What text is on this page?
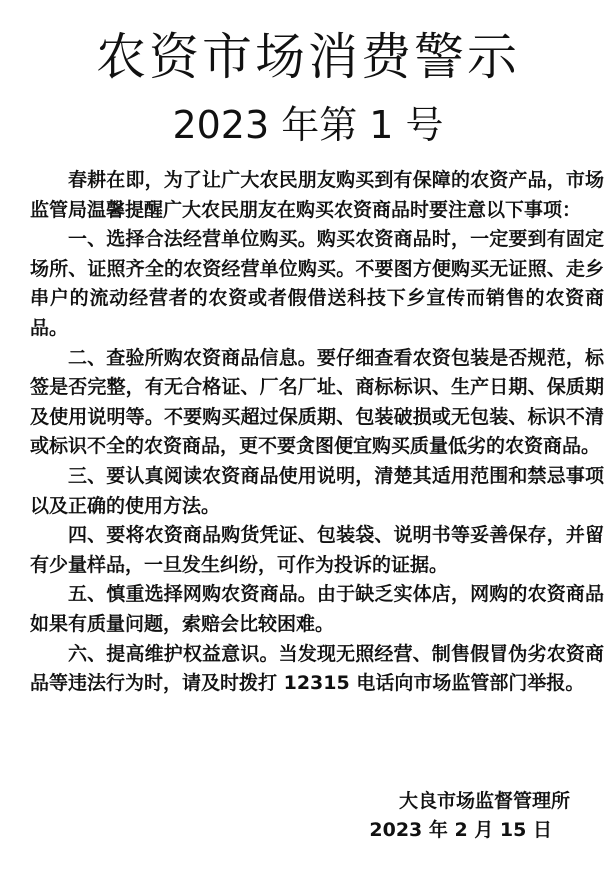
农资市场消费警示
2023 年第 1 号

春耕在即，为了让广大农民朋友购买到有保障的农资产品，市场监管局温馨提醒广大农民朋友在购买农资商品时要注意以下事项：

一、选择合法经营单位购买。购买农资商品时，一定要到有固定场所、证照齐全的农资经营单位购买。不要图方便购买无证照、走乡串户的流动经营者的农资或者假借送科技下乡宣传而销售的农资商品。

二、查验所购农资商品信息。要仔细查看农资包装是否规范，标签是否完整，有无合格证、厂名厂址、商标标识、生产日期、保质期及使用说明等。不要购买超过保质期、包装破损或无包装、标识不清或标识不全的农资商品，更不要贪图便宜购买质量低劣的农资商品。

三、要认真阅读农资商品使用说明，清楚其适用范围和禁忌事项以及正确的使用方法。

四、要将农资商品购货凭证、包装袋、说明书等妥善保存，并留有少量样品，一旦发生纠纷，可作为投诉的证据。

五、慎重选择网购农资商品。由于缺乏实体店，网购的农资商品如果有质量问题，索赔会比较困难。

六、提高维护权益意识。当发现无照经营、制售假冒伪劣农资商品等违法行为时，请及时拨打 12315 电话向市场监管部门举报。

大良市场监督管理所
2023 年 2 月 15 日
